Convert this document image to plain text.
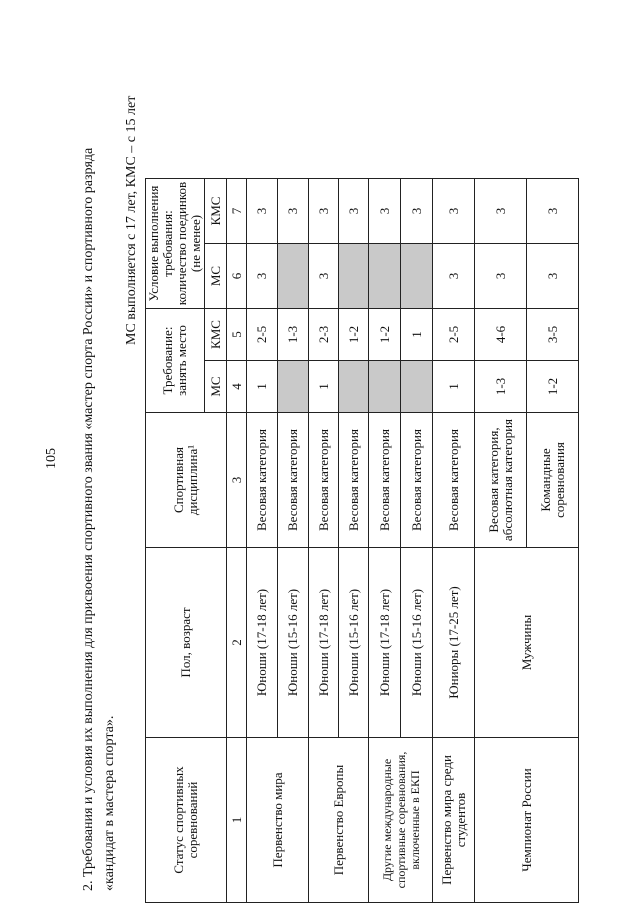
105 2. Требования и условия их выполнения для присвоения спортивного звания «мастер спорта России» и спортивного разряда «кандидат в мастера спорта».

МС выполняется с 17 лет, КМС – с 15 лет
Статус спортивных соревнований	Пол, возраст	Спортивная дисциплина¹	Требование: занять место		Условие выполнения требования: количество поединков (не менее)	
			МС	КМС	МС	КМС
1	2	3	4	5	6	7
Первенство мира	Юноши (17-18 лет)	Весовая категория	1	2-5	3	3
	Юноши (15-16 лет)	Весовая категория		1-3		3
Первенство Европы	Юноши (17-18 лет)	Весовая категория	1	2-3	3	3
	Юноши (15-16 лет)	Весовая категория		1-2		3
Другие международные спортивные соревнования, включенные в ЕКП	Юноши (17-18 лет)	Весовая категория		1-2		3
	Юноши (15-16 лет)	Весовая категория		1		3
Первенство мира среди студентов	Юниоры (17-25 лет)	Весовая категория	1	2-5	3	3
Чемпионат России	Мужчины	Весовая категория, абсолютная категория	1-3	4-6	3	3
		Командные соревнования	1-2	3-5	3	3
